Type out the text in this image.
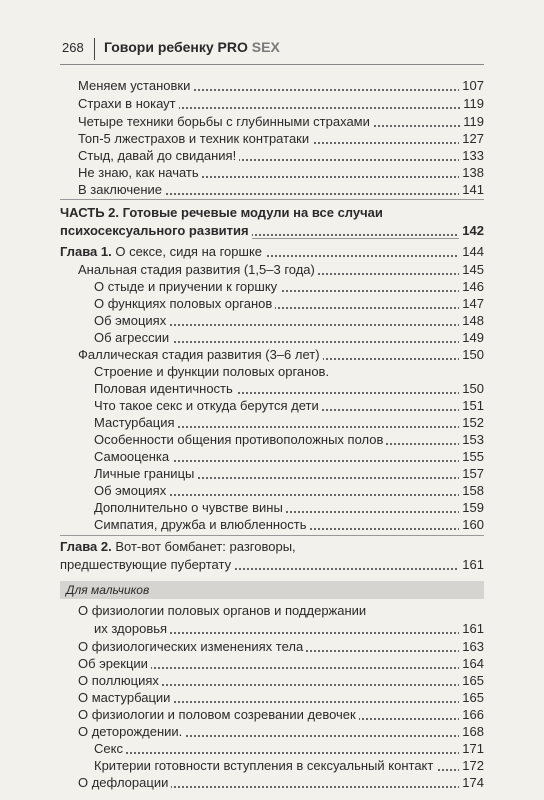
268 Говори ребенку PRO SEX
Меняем установки	107
Страхи в нокаут	119
Четыре техники борьбы с глубинными страхами	119
Топ-5 лжестрахов и техник контратаки	127
Стыд, давай до свидания!	133
Не знаю, как начать	138
В заключение	141
ЧАСТЬ 2. Готовые речевые модули на все случаи
психосексуального развития	142
Глава 1. О сексе, сидя на горшке	144
Анальная стадия развития (1,5–3 года)	145
О стыде и приучении к горшку	146
О функциях половых органов	147
Об эмоциях	148
Об агрессии	149
Фаллическая стадия развития (3–6 лет)	150
Строение и функции половых органов.
Половая идентичность	150
Что такое секс и откуда берутся дети	151
Мастурбация	152
Особенности общения противоположных полов	153
Самооценка	155
Личные границы	157
Об эмоциях	158
Дополнительно о чувстве вины	159
Симпатия, дружба и влюбленность	160
Глава 2. Вот-вот бомбанет: разговоры,
предшествующие пубертату	161
Для мальчиков
О физиологии половых органов и поддержании
их здоровья	161
О физиологических изменениях тела	163
Об эрекции	164
О поллюциях	165
О мастурбации	165
О физиологии и половом созревании девочек	166
О деторождении.	168
Секс	171
Критерии готовности вступления в сексуальный контакт 172
О дефлорации	174
